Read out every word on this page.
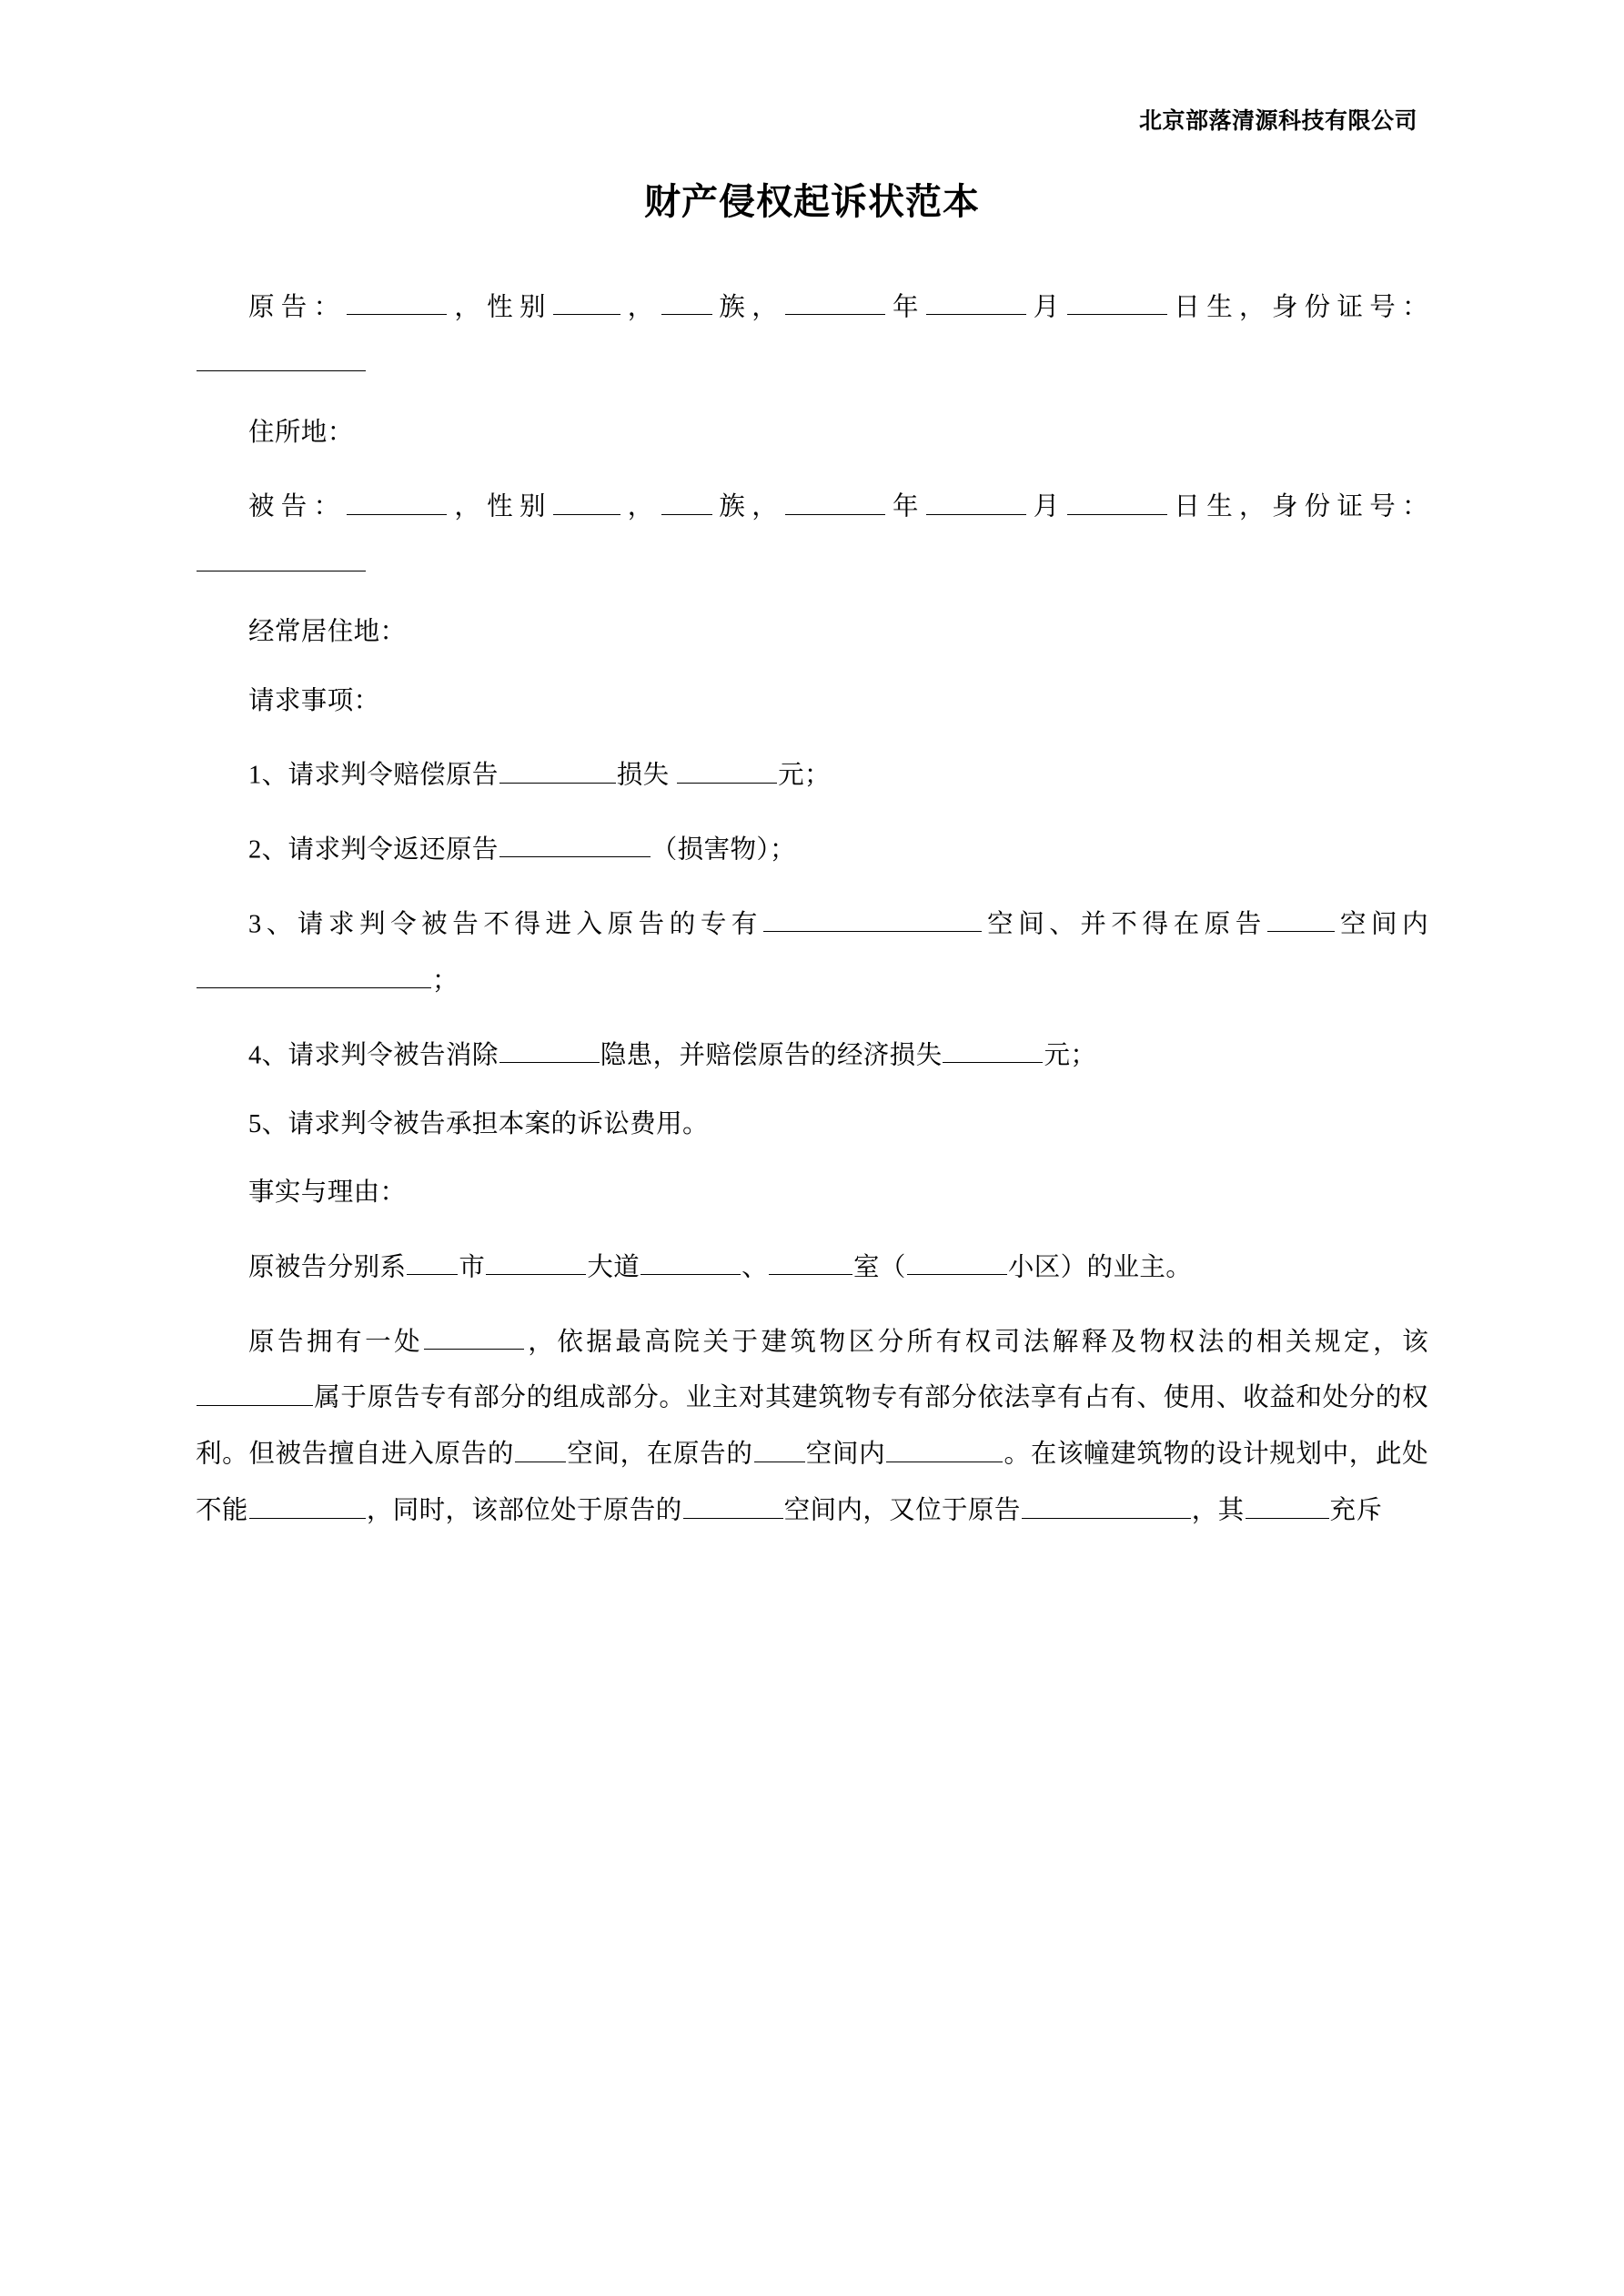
北京部落清源科技有限公司
财产侵权起诉状范本

原告：	，性别	， 族，	年	月	日生，身份证号：

住所地：

被告：	，性别	， 族，	年	月	日生，身份证号：

经常居住地：

请求事项：

1、请求判令赔偿原告	损失	元；

2、请求判令返还原告	（损害物）；

3、请求判令被告不得进入原告的专有	空间、并不得在原告	空间内；

4、请求判令被告消除	隐患，并赔偿原告的经济损失	元；

5、请求判令被告承担本案的诉讼费用。

事实与理由：

原被告分别系 市	大道	、	室（	小区）的业主。

原告拥有一处	，依据最高院关于建筑物区分所有权司法解释及物权法的相关规定，该属于原告专有部分的组成部分。业主对其建筑物专有部分依法享有占有、使用、收益和处分的权利。但被告擅自进入原告的 空间，在原告的 空间内	。在该幢建筑物的设计规划中，此处不能	，同时，该部位处于原告的	空间内，又位于原告	，其	充斥
